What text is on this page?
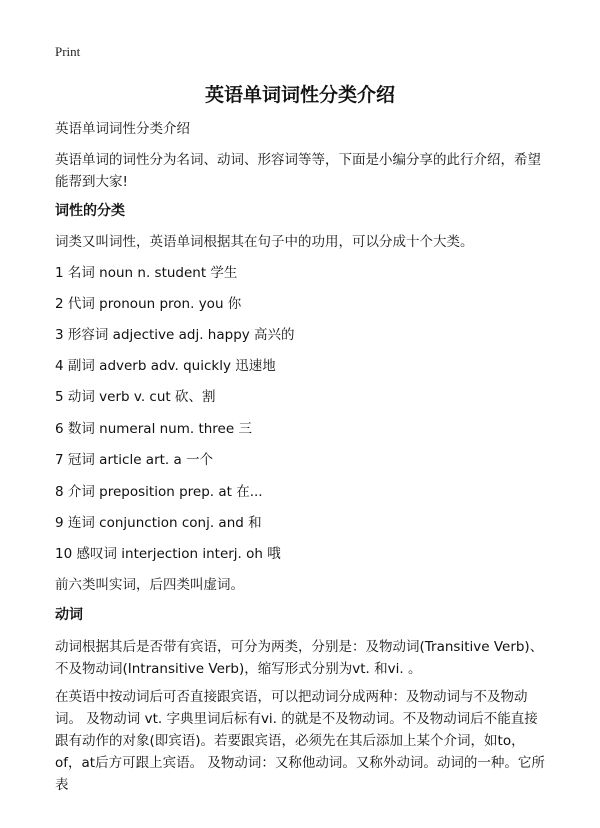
Print
英语单词词性分类介绍
英语单词词性分类介绍
英语单词的词性分为名词、动词、形容词等等，下面是小编分享的此行介绍，希望能帮到大家!
词性的分类
词类又叫词性，英语单词根据其在句子中的功用，可以分成十个大类。
1 名词 noun n. student 学生
2 代词 pronoun pron. you 你
3 形容词 adjective adj. happy 高兴的
4 副词 adverb adv. quickly 迅速地
5 动词 verb v. cut 砍、割
6 数词 numeral num. three 三
7 冠词 article art. a 一个
8 介词 preposition prep. at 在...
9 连词 conjunction conj. and 和
10 感叹词 interjection interj. oh 哦
前六类叫实词，后四类叫虚词。
动词
动词根据其后是否带有宾语，可分为两类，分别是：及物动词(Transitive Verb)、不及物动词(Intransitive Verb)，缩写形式分别为vt. 和vi. 。
在英语中按动词后可否直接跟宾语，可以把动词分成两种：及物动词与不及物动词。 及物动词 vt. 字典里词后标有vi. 的就是不及物动词。不及物动词后不能直接跟有动作的对象(即宾语)。若要跟宾语，必须先在其后添加上某个介词，如to，of，at后方可跟上宾语。 及物动词：又称他动词。又称外动词。动词的一种。它所表
